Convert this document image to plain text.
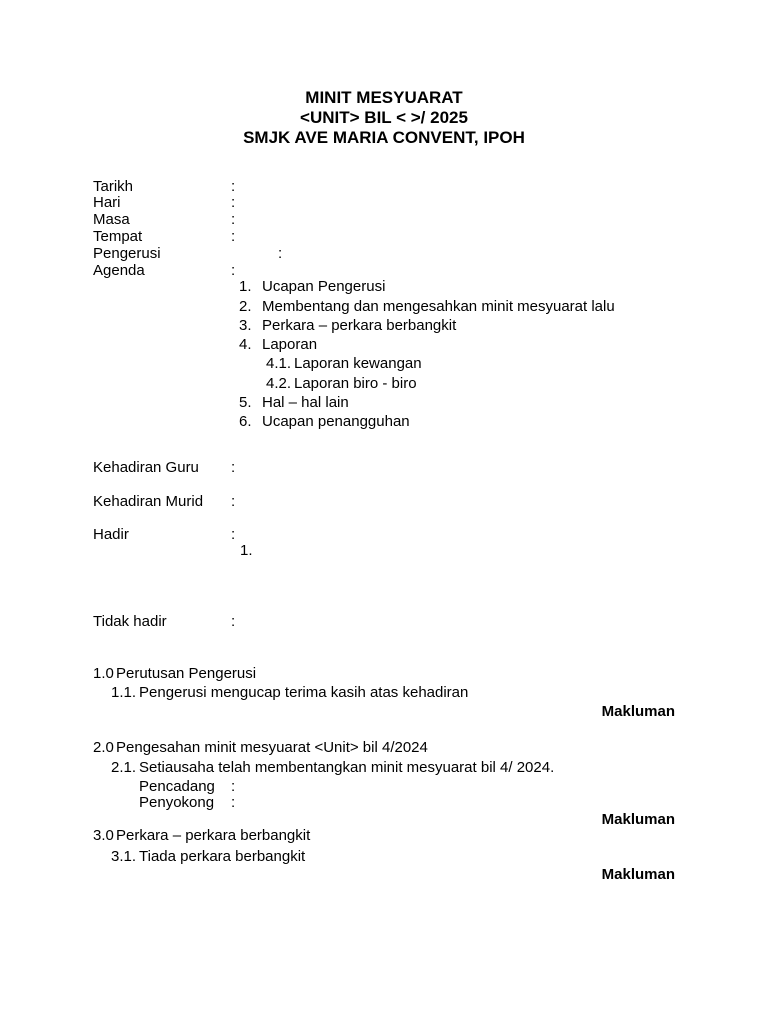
MINIT MESYUARAT
<UNIT> BIL < >/ 2025
SMJK AVE MARIA CONVENT, IPOH
Tarikh	:
Hari	:
Masa	:
Tempat	:
Pengerusi	:
Agenda	:
1. Ucapan Pengerusi
2. Membentang dan mengesahkan minit mesyuarat lalu
3. Perkara – perkara berbangkit
4. Laporan
4.1. Laporan kewangan
4.2. Laporan biro - biro
5. Hal – hal lain
6. Ucapan penangguhan
Kehadiran Guru :
Kehadiran Murid :
Hadir	:
1.
Tidak hadir	:
1.0 Perutusan Pengerusi
1.1. Pengerusi mengucap terima kasih atas kehadiran
Makluman
2.0 Pengesahan minit mesyuarat <Unit> bil 4/2024
2.1. Setiausaha telah membentangkan minit mesyuarat bil 4/ 2024.
Pencadang :
Penyokong :
Makluman
3.0 Perkara – perkara berbangkit
3.1. Tiada perkara berbangkit
Makluman
